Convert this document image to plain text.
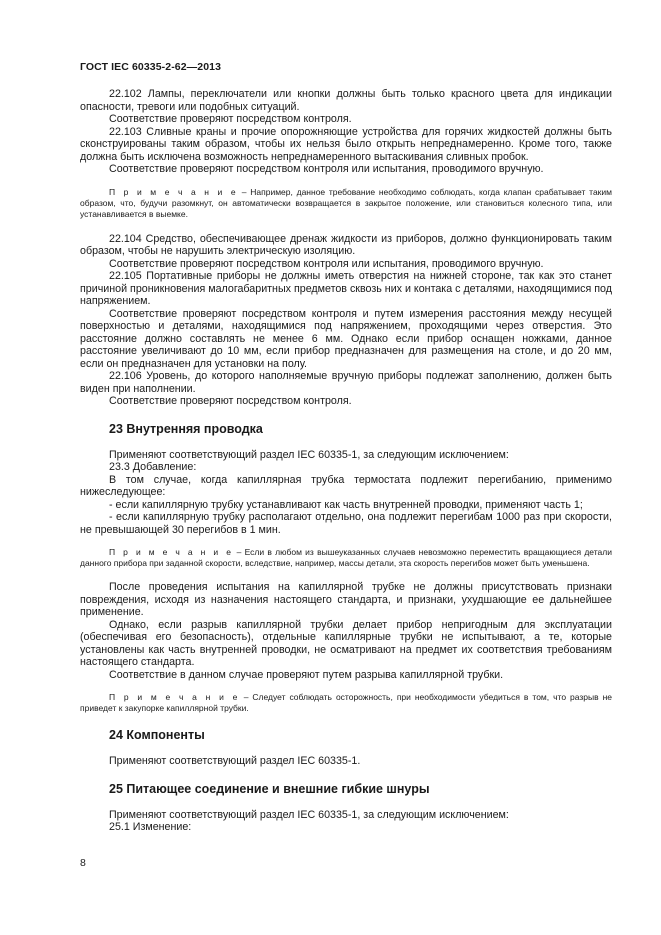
ГОСТ IEC 60335-2-62—2013

22.102 Лампы, переключатели или кнопки должны быть только красного цвета для индикации опасности, тревоги или подобных ситуаций.

Соответствие проверяют посредством контроля.

22.103 Сливные краны и прочие опорожняющие устройства для горячих жидкостей должны быть сконструированы таким образом, чтобы их нельзя было открыть непреднамеренно. Кроме того, также должна быть исключена возможность непреднамеренного вытаскивания сливных пробок.

Соответствие проверяют посредством контроля или испытания, проводимого вручную.

П р и м е ч а н и е – Например, данное требование необходимо соблюдать, когда клапан срабатывает таким образом, что, будучи разомкнут, он автоматически возвращается в закрытое положение, или становиться колесного типа, или устанавливается в выемке.

22.104 Средство, обеспечивающее дренаж жидкости из приборов, должно функционировать таким образом, чтобы не нарушить электрическую изоляцию.

Соответствие проверяют посредством контроля или испытания, проводимого вручную.

22.105 Портативные приборы не должны иметь отверстия на нижней стороне, так как это станет причиной проникновения малогабаритных предметов сквозь них и контака с деталями, находящимися под напряжением.

Соответствие проверяют посредством контроля и путем измерения расстояния между несущей поверхностью и деталями, находящимися под напряжением, проходящими через отверстия. Это расстояние должно составлять не менее 6 мм. Однако если прибор оснащен ножками, данное расстояние увеличивают до 10 мм, если прибор предназначен для размещения на столе, и до 20 мм, если он предназначен для установки на полу.

22.106 Уровень, до которого наполняемые вручную приборы подлежат заполнению, должен быть виден при наполнении.

Соответствие проверяют посредством контроля.

23 Внутренняя проводка

Применяют соответствующий раздел IEC 60335-1, за следующим исключением:

23.3 Добавление:

В том случае, когда капиллярная трубка термостата подлежит перегибанию, применимо нижеследующее:

- если капиллярную трубку устанавливают как часть внутренней проводки, применяют часть 1;

- если капиллярную трубку располагают отдельно, она подлежит перегибам 1000 раз при скорости, не превышающей 30 перегибов в 1 мин.

П р и м е ч а н и е – Если в любом из вышеуказанных случаев невозможно переместить вращающиеся детали данного прибора при заданной скорости, вследствие, например, массы детали, эта скорость перегибов может быть уменьшена.

После проведения испытания на капиллярной трубке не должны присутствовать признаки повреждения, исходя из назначения настоящего стандарта, и признаки, ухудшающие ее дальнейшее применение.

Однако, если разрыв капиллярной трубки делает прибор непригодным для эксплуатации (обеспечивая его безопасность), отдельные капиллярные трубки не испытывают, а те, которые установлены как часть внутренней проводки, не осматривают на предмет их соответствия требованиям настоящего стандарта.

Соответствие в данном случае проверяют путем разрыва капиллярной трубки.

П р и м е ч а н и е – Следует соблюдать осторожность, при необходимости убедиться в том, что разрыв не приведет к закупорке капиллярной трубки.

24 Компоненты

Применяют соответствующий раздел IEC 60335-1.

25 Питающее соединение и внешние гибкие шнуры

Применяют соответствующий раздел IEC 60335-1, за следующим исключением:

25.1 Изменение:

8
